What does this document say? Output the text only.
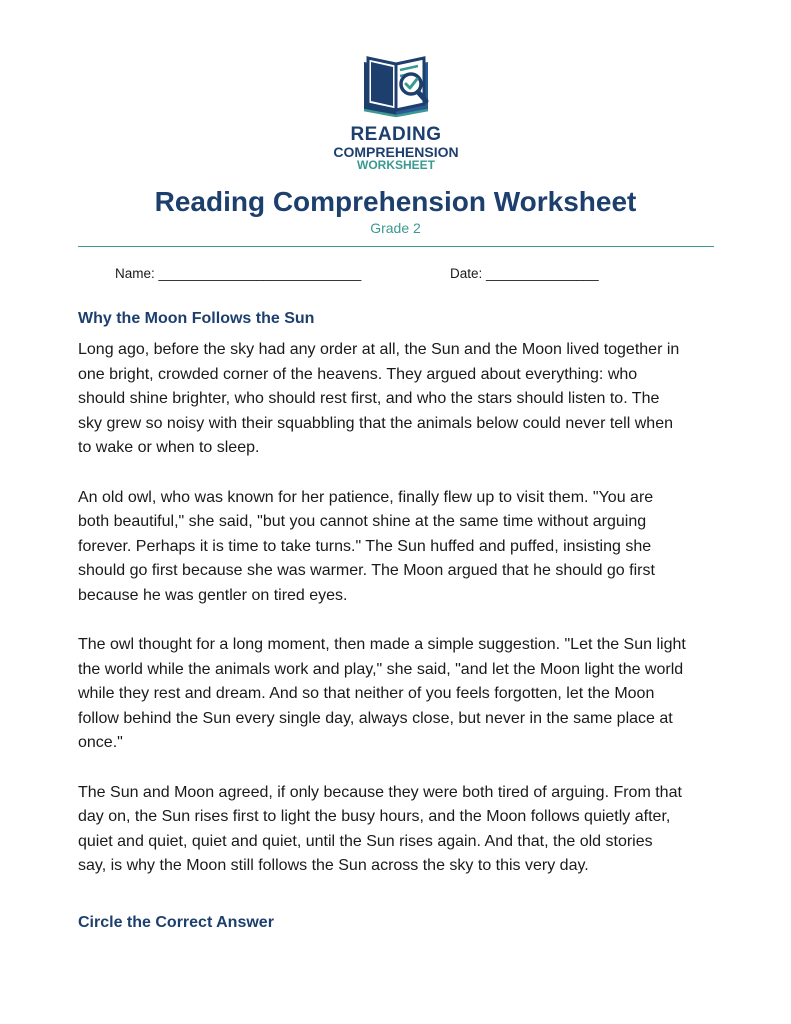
READING
COMPREHENSION
WORKSHEET
Reading Comprehension Worksheet
Grade 2
Name: ___________________________	Date: _______________
Why the Moon Follows the Sun

Long ago, before the sky had any order at all, the Sun and the Moon lived together in
one bright, crowded corner of the heavens. They argued about everything: who
should shine brighter, who should rest first, and who the stars should listen to. The
sky grew so noisy with their squabbling that the animals below could never tell when
to wake or when to sleep.

An old owl, who was known for her patience, finally flew up to visit them. "You are
both beautiful," she said, "but you cannot shine at the same time without arguing
forever. Perhaps it is time to take turns." The Sun huffed and puffed, insisting she
should go first because she was warmer. The Moon argued that he should go first
because he was gentler on tired eyes.

The owl thought for a long moment, then made a simple suggestion. "Let the Sun light
the world while the animals work and play," she said, "and let the Moon light the world
while they rest and dream. And so that neither of you feels forgotten, let the Moon
follow behind the Sun every single day, always close, but never in the same place at
once."

The Sun and Moon agreed, if only because they were both tired of arguing. From that
day on, the Sun rises first to light the busy hours, and the Moon follows quietly after,
quiet and quiet, quiet and quiet, until the Sun rises again. And that, the old stories
say, is why the Moon still follows the Sun across the sky to this very day.

Circle the Correct Answer
